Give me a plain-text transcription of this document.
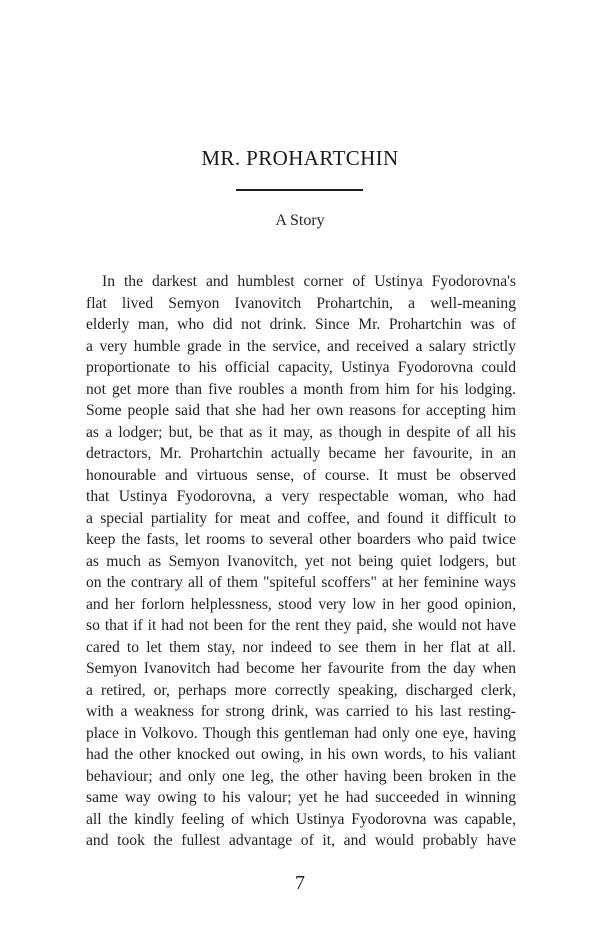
MR. PROHARTCHIN
A Story
In the darkest and humblest corner of Ustinya Fyodorovna's
flat lived Semyon Ivanovitch Prohartchin, a well-meaning
elderly man, who did not drink. Since Mr. Prohartchin was of
a very humble grade in the service, and received a salary strictly
proportionate to his official capacity, Ustinya Fyodorovna could
not get more than five roubles a month from him for his lodging.
Some people said that she had her own reasons for accepting him
as a lodger; but, be that as it may, as though in despite of all his
detractors, Mr. Prohartchin actually became her favourite, in an
honourable and virtuous sense, of course. It must be observed
that Ustinya Fyodorovna, a very respectable woman, who had
a special partiality for meat and coffee, and found it difficult to
keep the fasts, let rooms to several other boarders who paid twice
as much as Semyon Ivanovitch, yet not being quiet lodgers, but
on the contrary all of them "spiteful scoffers" at her feminine ways
and her forlorn helplessness, stood very low in her good opinion,
so that if it had not been for the rent they paid, she would not have
cared to let them stay, nor indeed to see them in her flat at all.
Semyon Ivanovitch had become her favourite from the day when
a retired, or, perhaps more correctly speaking, discharged clerk,
with a weakness for strong drink, was carried to his last resting-
place in Volkovo. Though this gentleman had only one eye, having
had the other knocked out owing, in his own words, to his valiant
behaviour; and only one leg, the other having been broken in the
same way owing to his valour; yet he had succeeded in winning
all the kindly feeling of which Ustinya Fyodorovna was capable,
and took the fullest advantage of it, and would probably have
7
